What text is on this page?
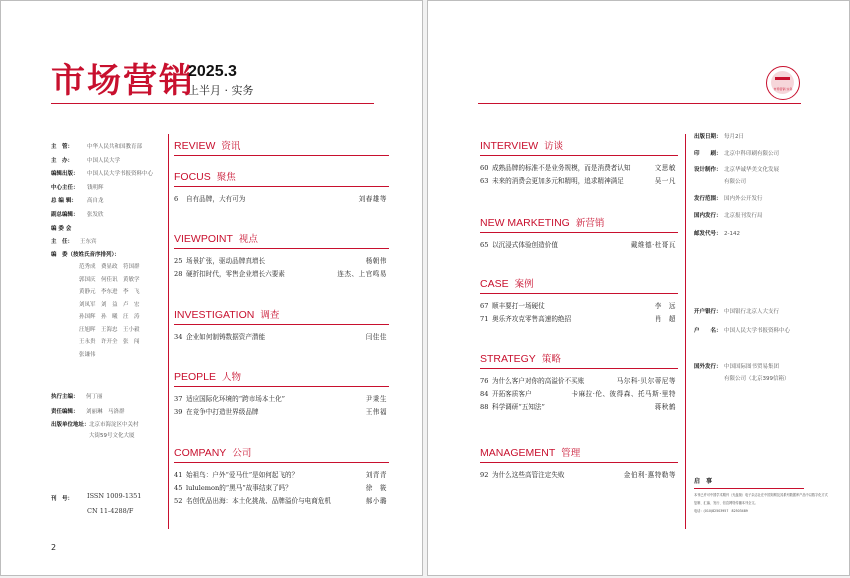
市场营销
2025.3
上半月 · 实务
主　管：	中华人民共和国教育部
主　办：	中国人民大学
编辑出版： 中国人民大学书报资料中心
中心主任： 钱明辉
总 编 辑： 高自龙
副总编辑： 张发欣
编 委 会
主　任： 王东宾
编　委（按姓氏音序排列）：
范秀成　费显政　符国群
郭国庆　何佳讯　黄敏学
黄静元　李东进　李　飞
刘凤军　刘　益　卢　宏
孙国辉　孙　曦　汪　涛
汪旭晖　王海忠　王小毅
王永贵　许开全　张　闯
张谦伟
执行主编： 何丁丽
责任编辑： 刘丽琳　马洛群
出版单位地址： 北京市海淀区中关村
大街59号文化大厦
刊　号： ISSN 1009-1351
CN 11-4288/F
REVIEW 资讯
FOCUS 聚焦
6 自有品牌，大有可为	刘春雄等
VIEWPOINT 视点
25 场景扩张，驱动品牌真增长	杨朝伟
28 硬折扣时代，零售企业增长六要素	连杰、上官鸣易
INVESTIGATION 调查
34 企业如何制铸数据资产潜能	闫佳佳
PEOPLE 人物
37 适应国际化环境的“跨市场本土化”	尹秉生
39 在竞争中打造世界级品牌	王伟福
COMPANY 公司
41 始祖鸟：户外“爱马仕”是如何起飞的？	刘青青
45 lululemon的“黑马”故事结束了吗？	徐　筱
52 名创优品出海：本土化挑战、品牌溢价与电商危机	郝小璐
2
市场营销 实务
INTERVIEW 访谈
60 成熟品牌的标准不是业务规模，而是消费者认知	文思敏
63 未来的消费会更加多元和精明，追求精神满足	吴一凡
NEW MARKETING 新营销
65 以沉浸式体验创造价值	戴维德·杜哥瓦
CASE 案例
67 顺丰要打一场硬仗	李　远
71 奥乐齐攻克零售高速的绝招	肖　超
STRATEGY 策略
76 为什么客户对你的高溢价不买账	马尔科·贝尔蒂尼等
84 开拓客质客户	卡麻拉·伦、彼得森、托马斯·里特
88 科学调研“五知法”	蒋秋鹤
MANAGEMENT 管理
92 为什么这些高管注定失败	金伯利·惠特勒等
出版日期： 每月2日
印　　刷： 北京中科印刷有限公司
设计制作： 北京华诚华美文化发展
有限公司
发行范围： 国内外公开发行
国内发行： 北京报刊发行局
邮发代号： 2-142
开户银行： 中国银行北京人大支行
户　　名： 中国人民大学书报资料中心
国外发行： 中国国际图书贸易集团
有限公司（北京399信箱）
启　事
本刊已许可中国学术期刊（光盘版）电子杂志社在中国知网及其系列数据库产品中以数字化方式
复制、汇编、发行、信息网络传播本刊全文。
电话：(010)82503957　82503489
